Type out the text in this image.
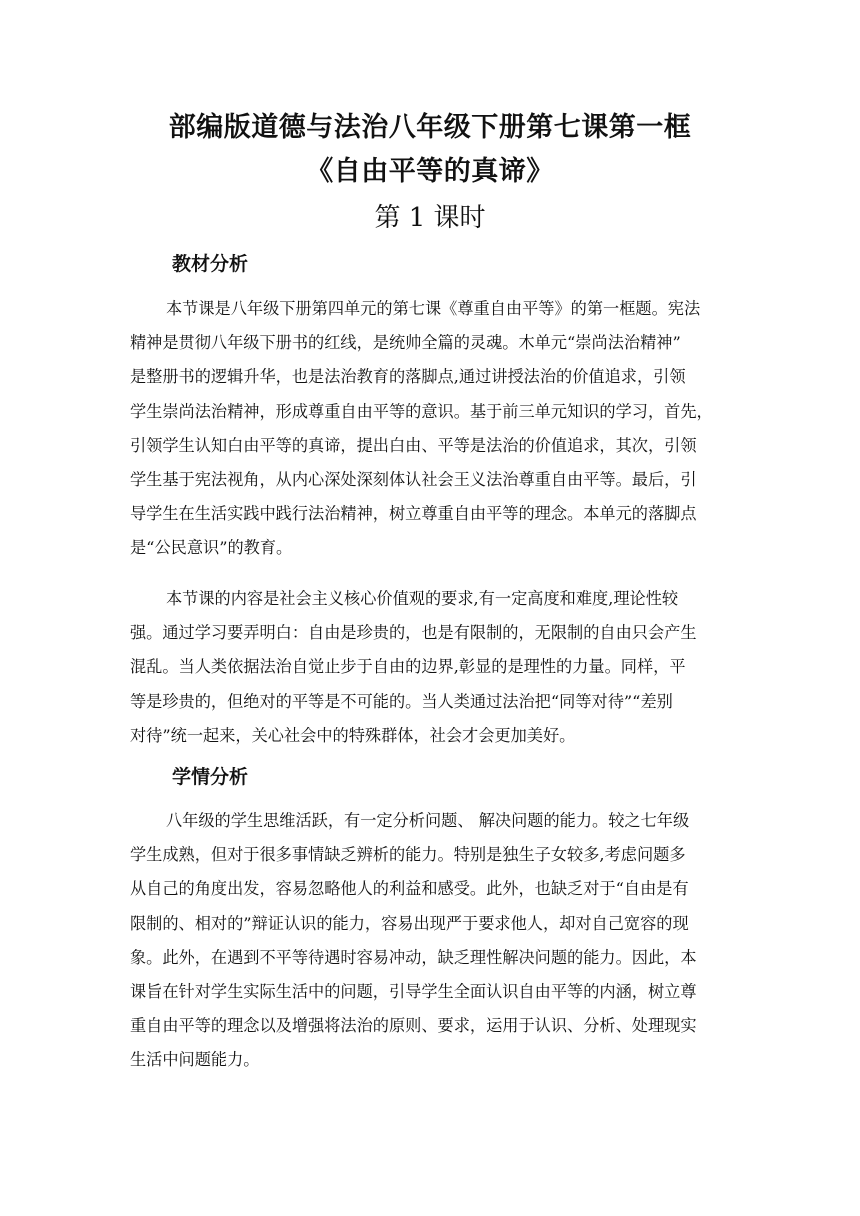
部编版道德与法治八年级下册第七课第一框
《自由平等的真谛》
第 1 课时
教材分析
本节课是八年级下册第四单元的第七课《尊重自由平等》的第一框题。宪法
精神是贯彻八年级下册书的红线，是统帅全篇的灵魂。木单元“崇尚法治精神”
是整册书的逻辑升华，也是法治教育的落脚点,通过讲授法治的价值追求，引领
学生崇尚法治精神，形成尊重自由平等的意识。基于前三单元知识的学习，首先，
引领学生认知白由平等的真谛，提出白由、平等是法治的价值追求，其次，引领
学生基于宪法视角，从内心深处深刻体认社会王义法治尊重自由平等。最后，引
导学生在生活实践中践行法治精神，树立尊重自由平等的理念。本单元的落脚点
是“公民意识”的教育。
本节课的内容是社会主义核心价值观的要求,有一定高度和难度,理论性较
强。通过学习要弄明白：自由是珍贵的，也是有限制的，无限制的自由只会产生
混乱。当人类依据法治自觉止步于自由的边界,彰显的是理性的力量。同样，平
等是珍贵的，但绝对的平等是不可能的。当人类通过法治把“同等对待”“差别
对待”统一起来，关心社会中的特殊群体，社会才会更加美好。
学情分析
八年级的学生思维活跃，有一定分析问题、 解决问题的能力。较之七年级
学生成熟，但对于很多事情缺乏辨析的能力。特别是独生子女较多,考虑问题多
从自己的角度出发，容易忽略他人的利益和感受。此外，也缺乏对于“自由是有
限制的、相对的”辩证认识的能力，容易出现严于要求他人，却对自己宽容的现
象。此外，在遇到不平等待遇时容易冲动，缺乏理性解决问题的能力。因此，本
课旨在针对学生实际生活中的问题，引导学生全面认识自由平等的内涵，树立尊
重自由平等的理念以及增强将法治的原则、要求，运用于认识、分析、处理现实
生活中问题能力。
